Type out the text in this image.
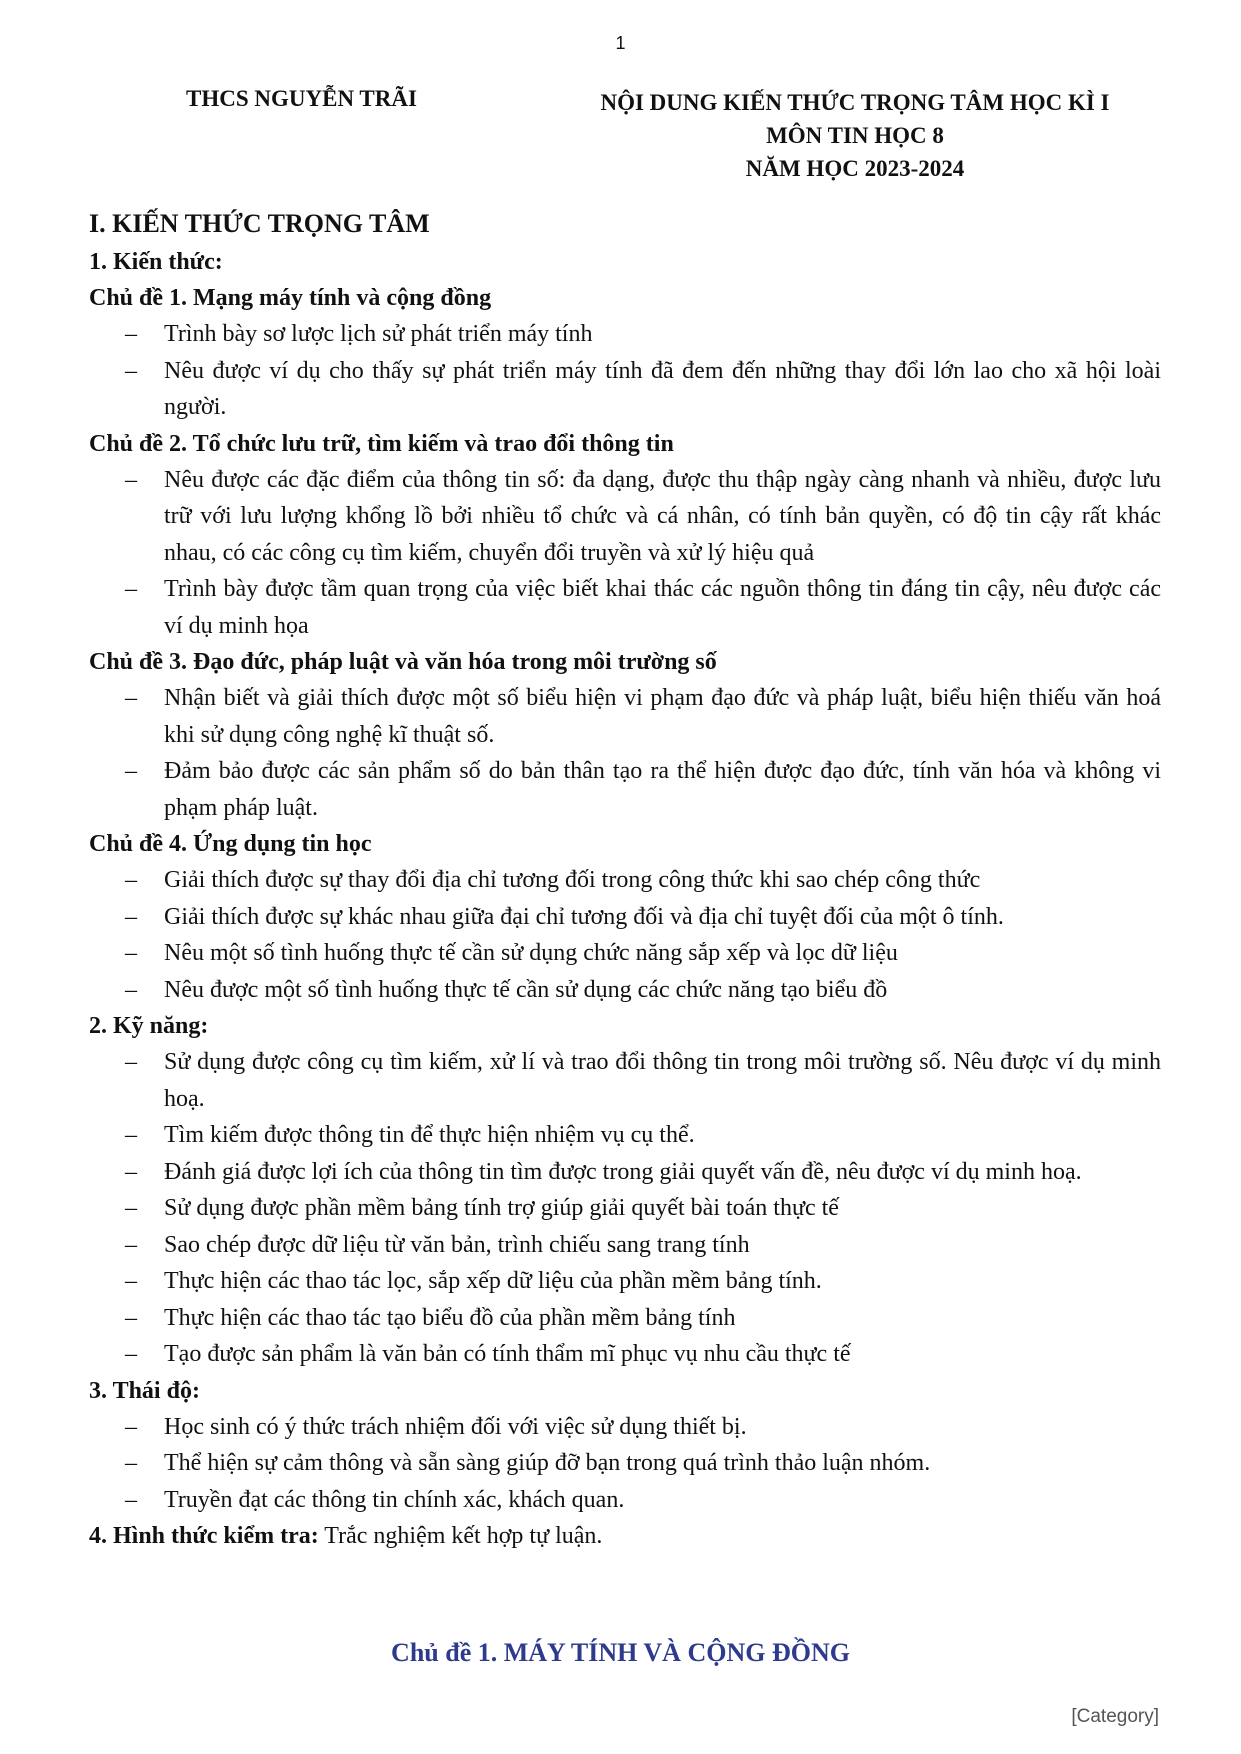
1
THCS NGUYỄN TRÃI	NỘI DUNG KIẾN THỨC TRỌNG TÂM HỌC KÌ I
MÔN TIN HỌC 8
NĂM HỌC 2023-2024
I. KIẾN THỨC TRỌNG TÂM
1. Kiến thức:
Chủ đề 1. Mạng máy tính và cộng đồng
– Trình bày sơ lược lịch sử phát triển máy tính
– Nêu được ví dụ cho thấy sự phát triển máy tính đã đem đến những thay đổi lớn lao cho xã hội loài người.
Chủ đề 2. Tổ chức lưu trữ, tìm kiếm và trao đổi thông tin
– Nêu được các đặc điểm của thông tin số: đa dạng, được thu thập ngày càng nhanh và nhiều, được lưu trữ với lưu lượng khổng lồ bởi nhiều tổ chức và cá nhân, có tính bản quyền, có độ tin cậy rất khác nhau, có các công cụ tìm kiếm, chuyển đổi truyền và xử lý hiệu quả
– Trình bày được tầm quan trọng của việc biết khai thác các nguồn thông tin đáng tin cậy, nêu được các ví dụ minh họa
Chủ đề 3. Đạo đức, pháp luật và văn hóa trong môi trường số
– Nhận biết và giải thích được một số biểu hiện vi phạm đạo đức và pháp luật, biểu hiện thiếu văn hoá khi sử dụng công nghệ kĩ thuật số.
– Đảm bảo được các sản phẩm số do bản thân tạo ra thể hiện được đạo đức, tính văn hóa và không vi phạm pháp luật.
Chủ đề 4. Ứng dụng tin học
– Giải thích được sự thay đổi địa chỉ tương đối trong công thức khi sao chép công thức
– Giải thích được sự khác nhau giữa đại chỉ tương đối và địa chỉ tuyệt đối của một ô tính.
– Nêu một số tình huống thực tế cần sử dụng chức năng sắp xếp và lọc dữ liệu
– Nêu được một số tình huống thực tế cần sử dụng các chức năng tạo biểu đồ
2. Kỹ năng:
– Sử dụng được công cụ tìm kiếm, xử lí và trao đổi thông tin trong môi trường số. Nêu được ví dụ minh hoạ.
– Tìm kiếm được thông tin để thực hiện nhiệm vụ cụ thể.
– Đánh giá được lợi ích của thông tin tìm được trong giải quyết vấn đề, nêu được ví dụ minh hoạ.
– Sử dụng được phần mềm bảng tính trợ giúp giải quyết bài toán thực tế
– Sao chép được dữ liệu từ văn bản, trình chiếu sang trang tính
– Thực hiện các thao tác lọc, sắp xếp dữ liệu của phần mềm bảng tính.
– Thực hiện các thao tác tạo biểu đồ của phần mềm bảng tính
– Tạo được sản phẩm là văn bản có tính thẩm mĩ phục vụ nhu cầu thực tế
3. Thái độ:
– Học sinh có ý thức trách nhiệm đối với việc sử dụng thiết bị.
– Thể hiện sự cảm thông và sẵn sàng giúp đỡ bạn trong quá trình thảo luận nhóm.
– Truyền đạt các thông tin chính xác, khách quan.
4. Hình thức kiểm tra: Trắc nghiệm kết hợp tự luận.
Chủ đề 1. MÁY TÍNH VÀ CỘNG ĐỒNG
[Category]
